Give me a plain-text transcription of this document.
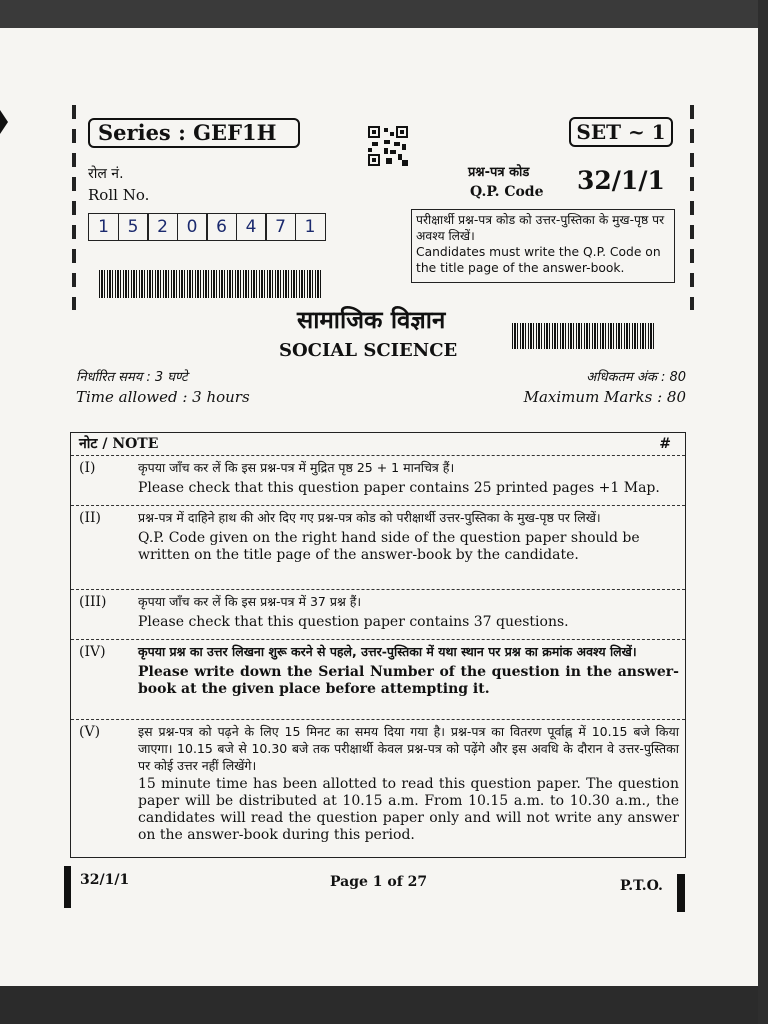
Series : GEF1H	SET ~ 1
रोल नं.
Roll No.
1	5	2	0	6	4	7	1
प्रश्न-पत्र कोड
Q.P. Code 32/1/1
परीक्षार्थी प्रश्न-पत्र कोड को उत्तर-पुस्तिका के मुख-पृष्ठ पर अवश्य लिखें।
Candidates must write the Q.P. Code on the title page of the answer-book.
सामाजिक विज्ञान
SOCIAL SCIENCE
निर्धारित समय : 3 घण्टे
Time allowed : 3 hours
अधिकतम अंक : 80
Maximum Marks : 80
नोट / NOTE	#
(I)	कृपया जाँच कर लें कि इस प्रश्न-पत्र में मुद्रित पृष्ठ 25 + 1 मानचित्र हैं।
Please check that this question paper contains 25 printed pages +1 Map.
(II)	प्रश्न-पत्र में दाहिने हाथ की ओर दिए गए प्रश्न-पत्र कोड को परीक्षार्थी उत्तर-पुस्तिका के मुख-पृष्ठ पर लिखें।
Q.P. Code given on the right hand side of the question paper should be written on the title page of the answer-book by the candidate.
(III)	कृपया जाँच कर लें कि इस प्रश्न-पत्र में 37 प्रश्न हैं।
Please check that this question paper contains 37 questions.
(IV)	कृपया प्रश्न का उत्तर लिखना शुरू करने से पहले, उत्तर-पुस्तिका में यथा स्थान पर प्रश्न का क्रमांक अवश्य लिखें।
Please write down the Serial Number of the question in the answer-book at the given place before attempting it.
(V)	इस प्रश्न-पत्र को पढ़ने के लिए 15 मिनट का समय दिया गया है। प्रश्न-पत्र का वितरण पूर्वाह्न में 10.15 बजे किया जाएगा। 10.15 बजे से 10.30 बजे तक परीक्षार्थी केवल प्रश्न-पत्र को पढ़ेंगे और इस अवधि के दौरान वे उत्तर-पुस्तिका पर कोई उत्तर नहीं लिखेंगे।
15 minute time has been allotted to read this question paper. The question paper will be distributed at 10.15 a.m. From 10.15 a.m. to 10.30 a.m., the candidates will read the question paper only and will not write any answer on the answer-book during this period.
32/1/1	Page 1 of 27	P.T.O.
